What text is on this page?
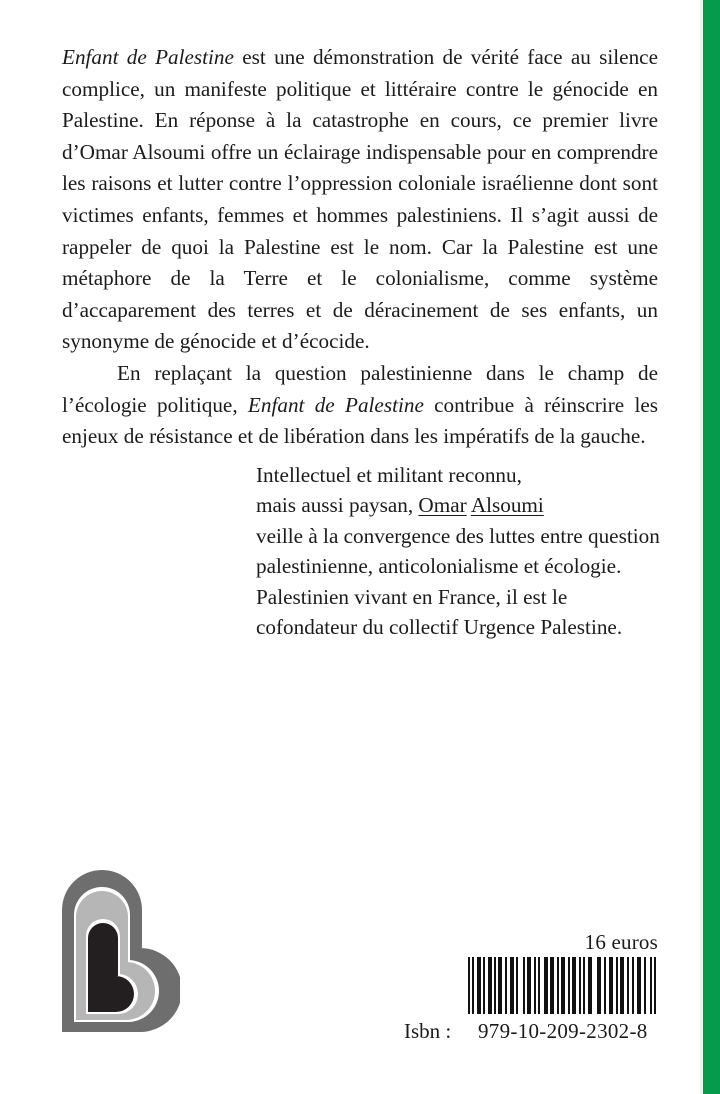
Enfant de Palestine est une démonstration de vérité face au silence complice, un manifeste politique et littéraire contre le génocide en Palestine. En réponse à la catastrophe en cours, ce premier livre d’Omar Alsoumi offre un éclairage indispensable pour en comprendre les raisons et lutter contre l’oppression coloniale israélienne dont sont victimes enfants, femmes et hommes palestiniens. Il s’agit aussi de rappeler de quoi la Palestine est le nom. Car la Palestine est une métaphore de la Terre et le colonialisme, comme système d’accaparement des terres et de déracinement de ses enfants, un synonyme de génocide et d’écocide.

En replaçant la question palestinienne dans le champ de l’écologie politique, Enfant de Palestine contribue à réinscrire les enjeux de résistance et de libération dans les impératifs de la gauche.

Intellectuel et militant reconnu,
mais aussi paysan, Omar Alsoumi
veille à la convergence des luttes entre question palestinienne, anticolonialisme et écologie. Palestinien vivant en France, il est le cofondateur du collectif Urgence Palestine.

16 euros
Isbn : 979-10-209-2302-8
